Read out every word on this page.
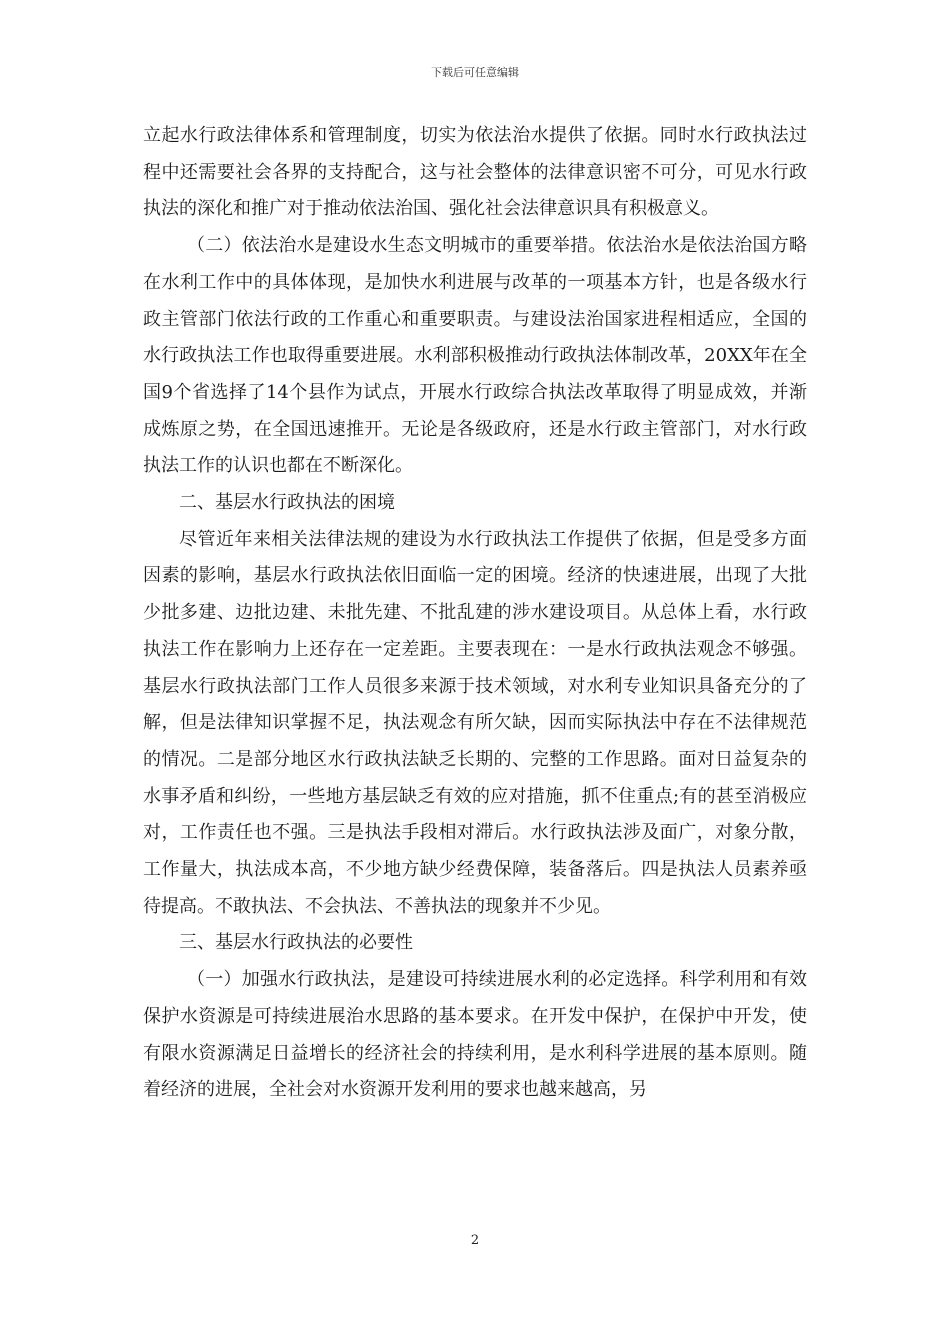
下载后可任意编辑

立起水行政法律体系和管理制度，切实为依法治水提供了依据。同时水行政执法过程中还需要社会各界的支持配合，这与社会整体的法律意识密不可分，可见水行政执法的深化和推广对于推动依法治国、强化社会法律意识具有积极意义。

（二）依法治水是建设水生态文明城市的重要举措。依法治水是依法治国方略在水利工作中的具体体现，是加快水利进展与改革的一项基本方针，也是各级水行政主管部门依法行政的工作重心和重要职责。与建设法治国家进程相适应，全国的水行政执法工作也取得重要进展。水利部积极推动行政执法体制改革，20XX年在全国9个省选择了14个县作为试点，开展水行政综合执法改革取得了明显成效，并渐成炼原之势，在全国迅速推开。无论是各级政府，还是水行政主管部门，对水行政执法工作的认识也都在不断深化。

二、基层水行政执法的困境

尽管近年来相关法律法规的建设为水行政执法工作提供了依据，但是受多方面因素的影响，基层水行政执法依旧面临一定的困境。经济的快速进展，出现了大批少批多建、边批边建、未批先建、不批乱建的涉水建设项目。从总体上看，水行政执法工作在影响力上还存在一定差距。主要表现在：一是水行政执法观念不够强。基层水行政执法部门工作人员很多来源于技术领域，对水利专业知识具备充分的了解，但是法律知识掌握不足，执法观念有所欠缺，因而实际执法中存在不法律规范的情况。二是部分地区水行政执法缺乏长期的、完整的工作思路。面对日益复杂的水事矛盾和纠纷，一些地方基层缺乏有效的应对措施，抓不住重点;有的甚至消极应对，工作责任也不强。三是执法手段相对滞后。水行政执法涉及面广，对象分散，工作量大，执法成本高，不少地方缺少经费保障，装备落后。四是执法人员素养亟待提高。不敢执法、不会执法、不善执法的现象并不少见。

三、基层水行政执法的必要性

（一）加强水行政执法，是建设可持续进展水利的必定选择。科学利用和有效保护水资源是可持续进展治水思路的基本要求。在开发中保护，在保护中开发，使有限水资源满足日益增长的经济社会的持续利用，是水利科学进展的基本原则。随着经济的进展，全社会对水资源开发利用的要求也越来越高，另

2
